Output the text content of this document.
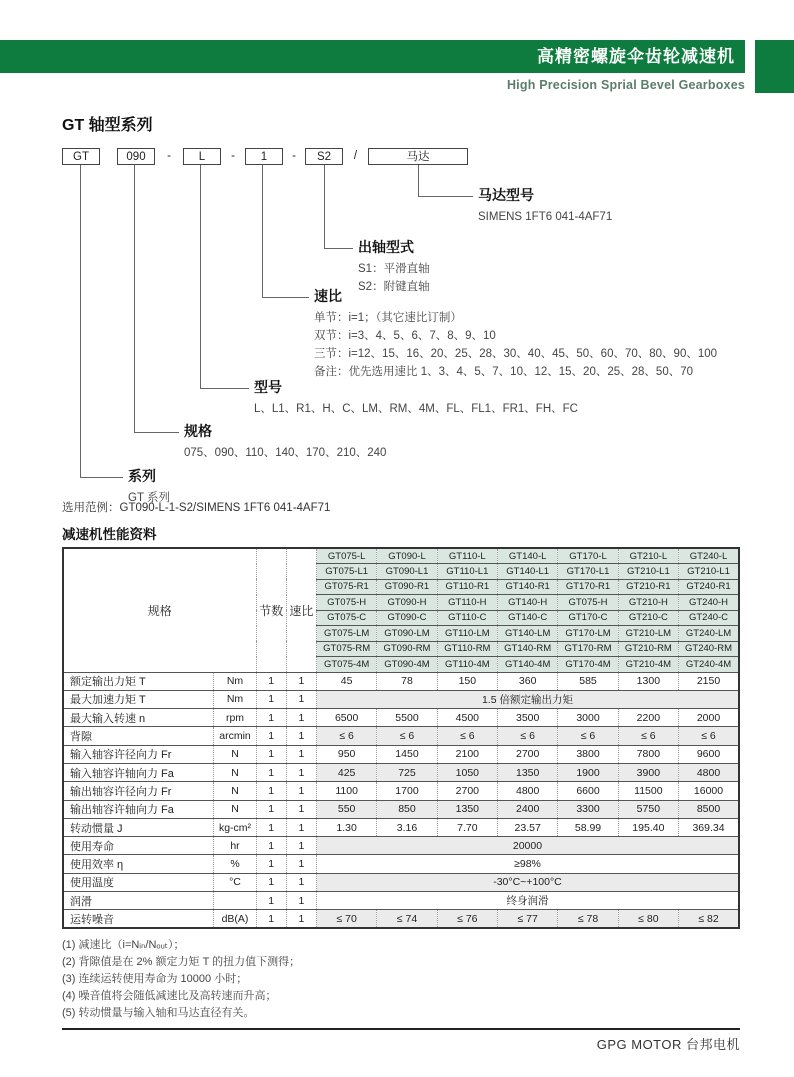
高精密螺旋伞齿轮减速机
High Precision Sprial Bevel Gearboxes
GT 轴型系列
GT	090	-	L	-	1	-	S2	/	马达
马达型号
SIMENS 1FT6 041-4AF71
出轴型式
S1：平滑直轴
S2：附键直轴
速比
单节：i=1；（其它速比订制）
双节：i=3、4、5、6、7、8、9、10
三节：i=12、15、16、20、25、28、30、40、45、50、60、70、80、90、100
备注：优先选用速比 1、3、4、5、7、10、12、15、20、25、28、50、70
型号
L、L1、R1、H、C、LM、RM、4M、FL、FL1、FR1、FH、FC
规格
075、090、110、140、170、210、240
系列
GT 系列
选用范例：GT090-L-1-S2/SIMENS 1FT6 041-4AF71
减速机性能资料
规格		节数	速比	GT075-L	GT090-L	GT110-L	GT140-L	GT170-L	GT210-L	GT240-L
				GT075-L1	GT090-L1	GT110-L1	GT140-L1	GT170-L1	GT210-L1	GT210-L1
				GT075-R1	GT090-R1	GT110-R1	GT140-R1	GT170-R1	GT210-R1	GT240-R1
				GT075-H	GT090-H	GT110-H	GT140-H	GT075-H	GT210-H	GT240-H
				GT075-C	GT090-C	GT110-C	GT140-C	GT170-C	GT210-C	GT240-C
				GT075-LM	GT090-LM	GT110-LM	GT140-LM	GT170-LM	GT210-LM	GT240-LM
				GT075-RM	GT090-RM	GT110-RM	GT140-RM	GT170-RM	GT210-RM	GT240-RM
				GT075-4M	GT090-4M	GT110-4M	GT140-4M	GT170-4M	GT210-4M	GT240-4M
额定输出力矩 T	Nm	1	1	45	78	150	360	585	1300	2150
最大加速力矩 T	Nm	1	1	1.5 倍额定输出力矩						
最大输入转速 n	rpm	1	1	6500	5500	4500	3500	3000	2200	2000
背隙	arcmin	1	1	≤ 6	≤ 6	≤ 6	≤ 6	≤ 6	≤ 6	≤ 6
输入轴容许径向力 Fr	N	1	1	950	1450	2100	2700	3800	7800	9600
输入轴容许轴向力 Fa	N	1	1	425	725	1050	1350	1900	3900	4800
输出轴容许径向力 Fr	N	1	1	1100	1700	2700	4800	6600	11500	16000
输出轴容许轴向力 Fa	N	1	1	550	850	1350	2400	3300	5750	8500
转动惯量 J	kg-cm²	1	1	1.30	3.16	7.70	23.57	58.99	195.40	369.34
使用寿命	hr	1	1	20000						
使用效率 η	%	1	1	≥98%						
使用温度	°C	1	1	-30°C~+100°C						
润滑		1	1	终身润滑						
运转噪音	dB(A)	1	1	≤ 70	≤ 74	≤ 76	≤ 77	≤ 78	≤ 80	≤ 82
(1) 减速比（i=Nᵢₙ/Nₒᵤₜ）；
(2) 背隙值是在 2% 额定力矩 T 的扭力值下测得；
(3) 连续运转使用寿命为 10000 小时；
(4) 噪音值将会随低减速比及高转速而升高；
(5) 转动惯量与输入轴和马达直径有关。
GPG MOTOR 台邦电机
